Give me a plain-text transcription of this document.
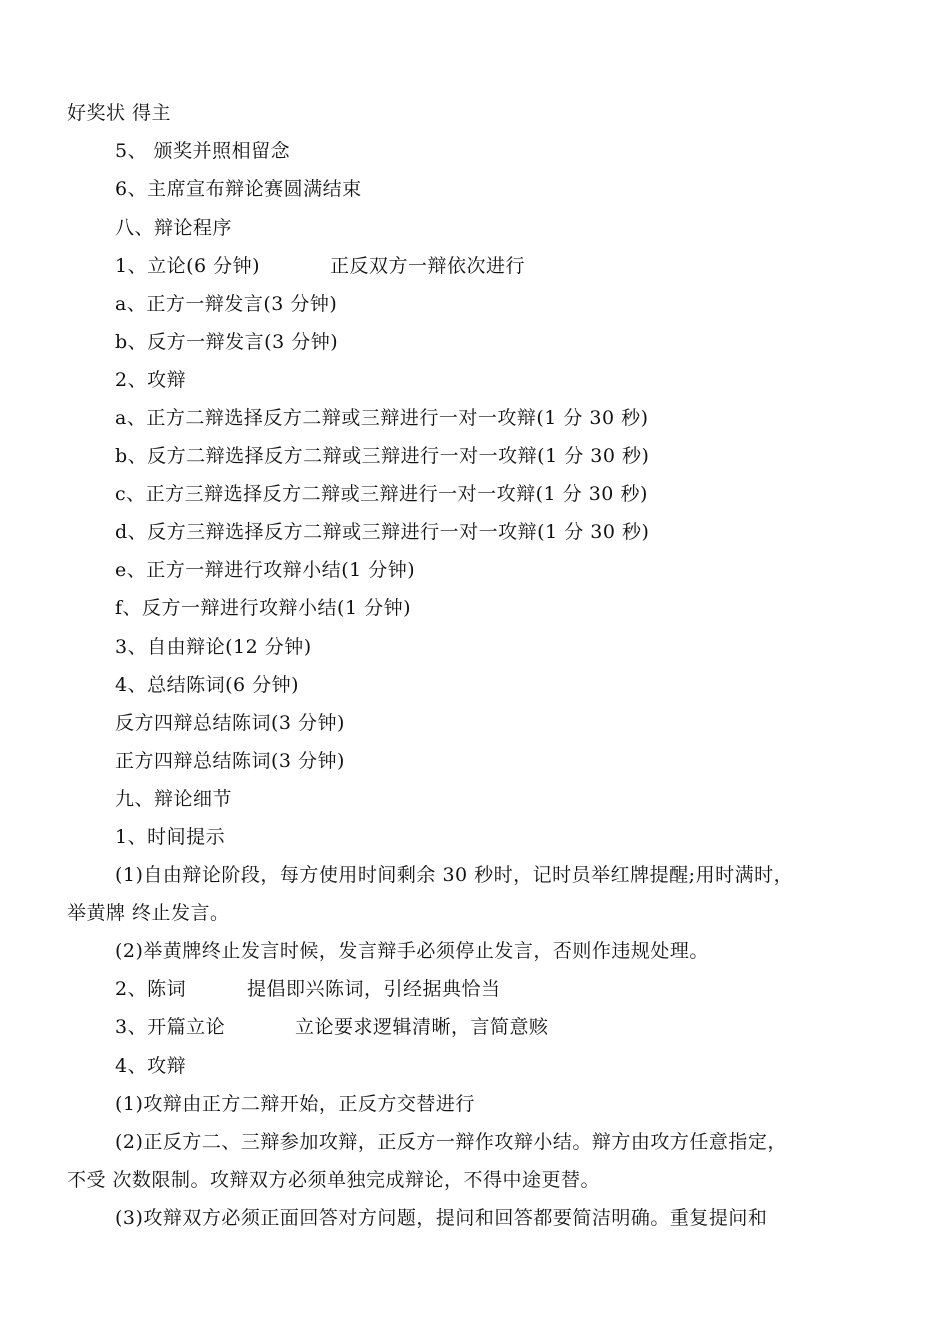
好奖状 得主
5、 颁奖并照相留念
6、主席宣布辩论赛圆满结束
八、辩论程序
1、立论(6 分钟)	正反双方一辩依次进行
a、正方一辩发言(3 分钟)
b、反方一辩发言(3 分钟)
2、攻辩
a、正方二辩选择反方二辩或三辩进行一对一攻辩(1 分 30 秒)
b、反方二辩选择反方二辩或三辩进行一对一攻辩(1 分 30 秒)
c、正方三辩选择反方二辩或三辩进行一对一攻辩(1 分 30 秒)
d、反方三辩选择反方二辩或三辩进行一对一攻辩(1 分 30 秒)
e、正方一辩进行攻辩小结(1 分钟)
f、反方一辩进行攻辩小结(1 分钟)
3、自由辩论(12 分钟)
4、总结陈词(6 分钟)
反方四辩总结陈词(3 分钟)
正方四辩总结陈词(3 分钟)
九、辩论细节
1、时间提示
(1)自由辩论阶段，每方使用时间剩余 30 秒时，记时员举红牌提醒;用时满时，
举黄牌 终止发言。
(2)举黄牌终止发言时候，发言辩手必须停止发言，否则作违规处理。
2、陈词	提倡即兴陈词，引经据典恰当
3、开篇立论	立论要求逻辑清晰，言简意赅
4、攻辩
(1)攻辩由正方二辩开始，正反方交替进行
(2)正反方二、三辩参加攻辩，正反方一辩作攻辩小结。辩方由攻方任意指定，
不受 次数限制。攻辩双方必须单独完成辩论，不得中途更替。
(3)攻辩双方必须正面回答对方问题，提问和回答都要简洁明确。重复提问和
